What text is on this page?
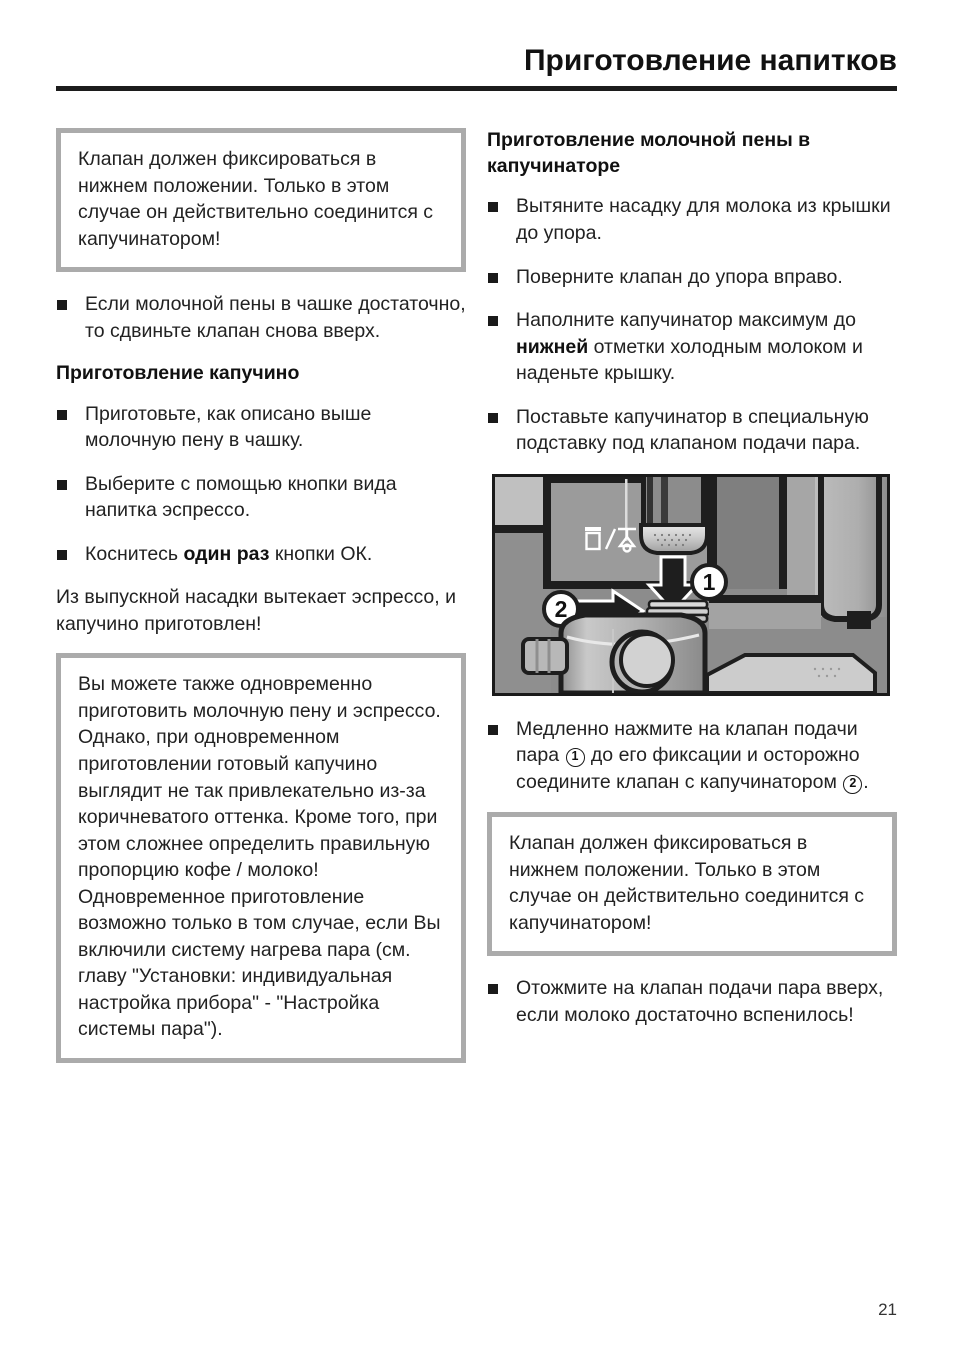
Приготовление напитков

Клапан должен фиксироваться в нижнем положении. Только в этом случае он действительно соединится с капучинатором!

Если молочной пены в чашке достаточно, то сдвиньте клапан снова вверх.
Приготовление капучино
Приготовьте, как описано выше молочную пену в чашку.
Выберите с помощью кнопки вида напитка эспрессо.
Коснитесь один раз кнопки ОК.

Из выпускной насадки вытекает эспрессо, и капучино приготовлен!

Вы можете также одновременно приготовить молочную пену и эспрессо. Однако, при одновременном приготовлении готовый капучино выглядит не так привлекательно из-за коричневатого оттенка. Кроме того, при этом сложнее определить правильную пропорцию кофе / молоко!

Одновременное приготовление возможно только в том случае, если Вы включили систему нагрева пара (см. главу "Установки: индивидуальная настройка прибора" - "Настройка системы пара").

Приготовление молочной пены в капучинаторе
Вытяните насадку для молока из крышки до упора.
Поверните клапан до упора вправо.
Наполните капучинатор максимум до нижней отметки холодным молоком и наденьте крышку.
Поставьте капучинатор в специальную подставку под клапаном подачи пара.
1
2
Медленно нажмите на клапан подачи пара 1 до его фиксации и осторожно соедините клапан с капучинатором 2 .

Клапан должен фиксироваться в нижнем положении. Только в этом случае он действительно соединится с капучинатором!

Отожмите на клапан подачи пара вверх, если молоко достаточно вспенилось!
21
